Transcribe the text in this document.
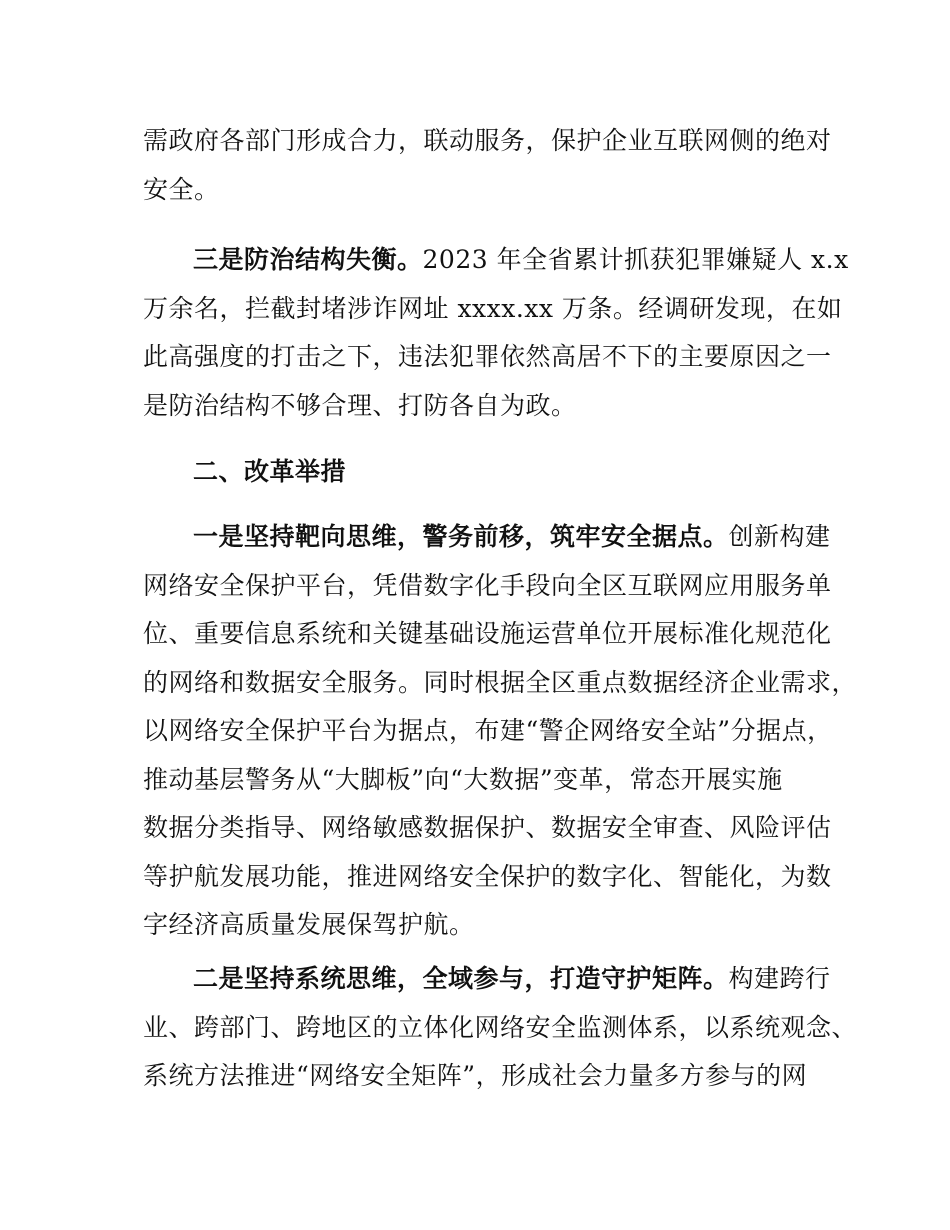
需政府各部门形成合力，联动服务，保护企业互联网侧的绝对
安全。
三是防治结构失衡。2023 年全省累计抓获犯罪嫌疑人 x.x
万余名，拦截封堵涉诈网址 xxxx.xx 万条。经调研发现，在如
此高强度的打击之下，违法犯罪依然高居不下的主要原因之一
是防治结构不够合理、打防各自为政。
二、改革举措
一是坚持靶向思维，警务前移，筑牢安全据点。创新构建
网络安全保护平台，凭借数字化手段向全区互联网应用服务单
位、重要信息系统和关键基础设施运营单位开展标准化规范化
的网络和数据安全服务。同时根据全区重点数据经济企业需求，
以网络安全保护平台为据点，布建“警企网络安全站”分据点，
推动基层警务从“大脚板”向“大数据”变革，常态开展实施
数据分类指导、网络敏感数据保护、数据安全审查、风险评估
等护航发展功能，推进网络安全保护的数字化、智能化，为数
字经济高质量发展保驾护航。
二是坚持系统思维，全域参与，打造守护矩阵。构建跨行
业、跨部门、跨地区的立体化网络安全监测体系，以系统观念、
系统方法推进“网络安全矩阵”，形成社会力量多方参与的网
